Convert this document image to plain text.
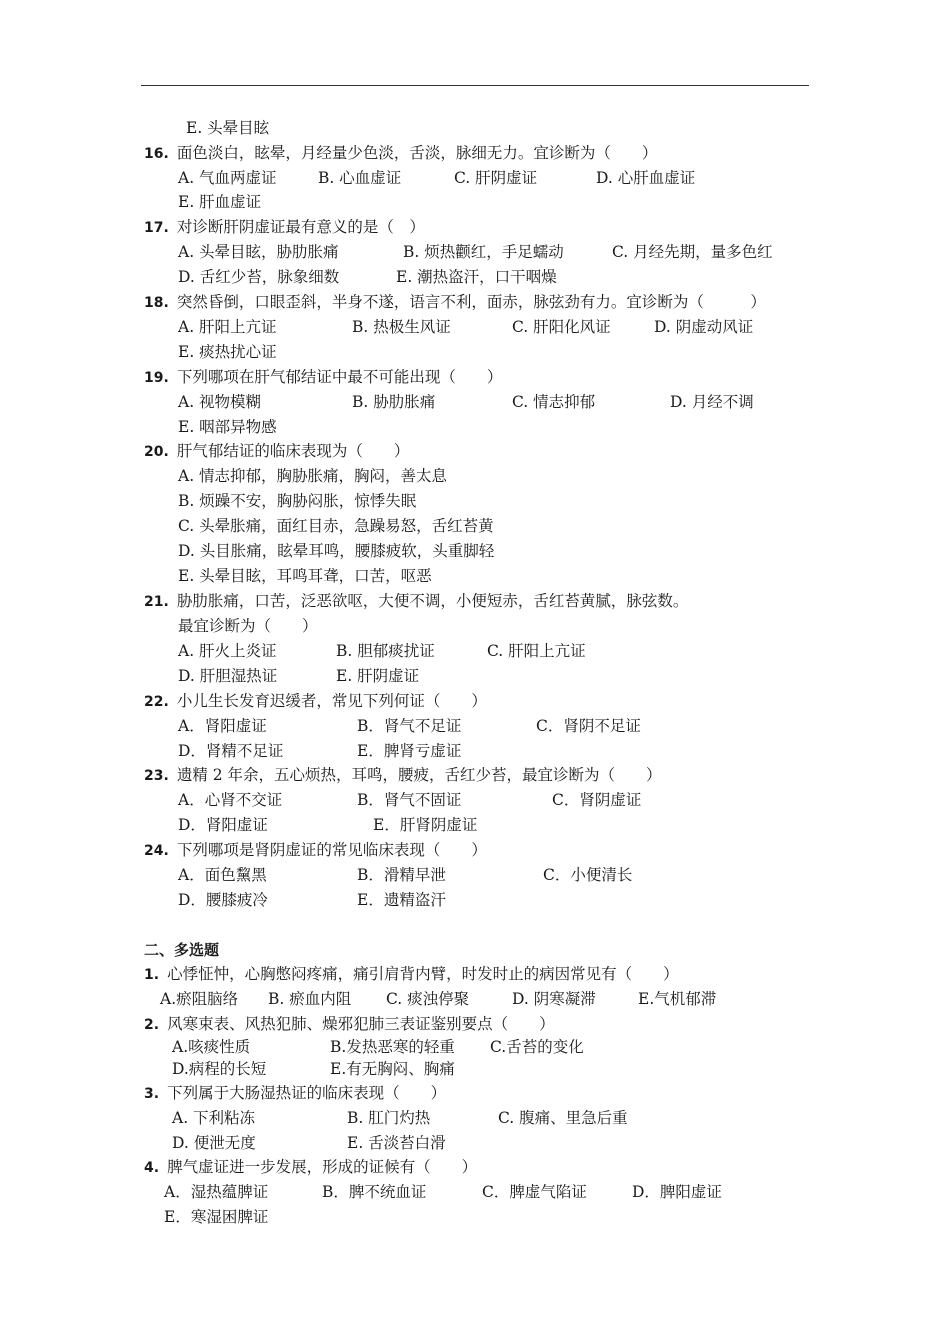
E. 头晕目眩
16. 面色淡白，眩晕，月经量少色淡，舌淡，脉细无力。宜诊断为（　　）
A. 气血两虚证	B. 心血虚证	C. 肝阴虚证	D. 心肝血虚证
E. 肝血虚证
17. 对诊断肝阴虚证最有意义的是（　）
A. 头晕目眩，胁肋胀痛	B. 烦热颧红，手足蠕动	C. 月经先期，量多色红
D. 舌红少苔，脉象细数	E. 潮热盗汗，口干咽燥
18. 突然昏倒，口眼歪斜，半身不遂，语言不利，面赤，脉弦劲有力。宜诊断为（　　　）
A. 肝阳上亢证	B. 热极生风证	C. 肝阳化风证	D. 阴虚动风证
E. 痰热扰心证
19. 下列哪项在肝气郁结证中最不可能出现（　　）
A. 视物模糊	B. 胁肋胀痛	C. 情志抑郁	D. 月经不调
E. 咽部异物感
20. 肝气郁结证的临床表现为（　　）
A. 情志抑郁，胸胁胀痛，胸闷，善太息
B. 烦躁不安，胸胁闷胀，惊悸失眠
C. 头晕胀痛，面红目赤，急躁易怒，舌红苔黄
D. 头目胀痛，眩晕耳鸣，腰膝疲软，头重脚轻
E. 头晕目眩，耳鸣耳聋，口苦，呕恶
21. 胁肋胀痛，口苦，泛恶欲呕，大便不调，小便短赤，舌红苔黄腻，脉弦数。
最宜诊断为（　　）
A. 肝火上炎证	B. 胆郁痰扰证	C. 肝阳上亢证
D. 肝胆湿热证	E. 肝阴虚证
22. 小儿生长发育迟缓者，常见下列何证（　　）
A．肾阳虚证	B．肾气不足证	C．肾阴不足证
D．肾精不足证	E．脾肾亏虚证
23. 遗精 2 年余，五心烦热，耳鸣，腰疲，舌红少苔，最宜诊断为（　　）
A．心肾不交证	B．肾气不固证	C．肾阴虚证
D．肾阳虚证	E．肝肾阴虚证
24. 下列哪项是肾阴虚证的常见临床表现（　　）
A．面色黧黑	B．滑精早泄	C．小便清长
D．腰膝疲冷	E．遗精盗汗
二、多选题
1. 心悸怔忡，心胸憋闷疼痛，痛引肩背内臂，时发时止的病因常见有（　　）
A.瘀阻脑络 B. 瘀血内阻 C. 痰浊停聚	D. 阴寒凝滞	E.气机郁滞
2. 风寒束表、风热犯肺、燥邪犯肺三表证鉴别要点（　　）
A.咳痰性质	B.发热恶寒的轻重 C.舌苔的变化
D.病程的长短	E.有无胸闷、胸痛
3. 下列属于大肠湿热证的临床表现（　　）
A. 下利粘冻	B. 肛门灼热	C. 腹痛、里急后重
D. 便泄无度	E. 舌淡苔白滑
4. 脾气虚证进一步发展，形成的证候有（　　）
A．湿热蕴脾证	B．脾不统血证	C．脾虚气陷证	D．脾阳虚证
E．寒湿困脾证
